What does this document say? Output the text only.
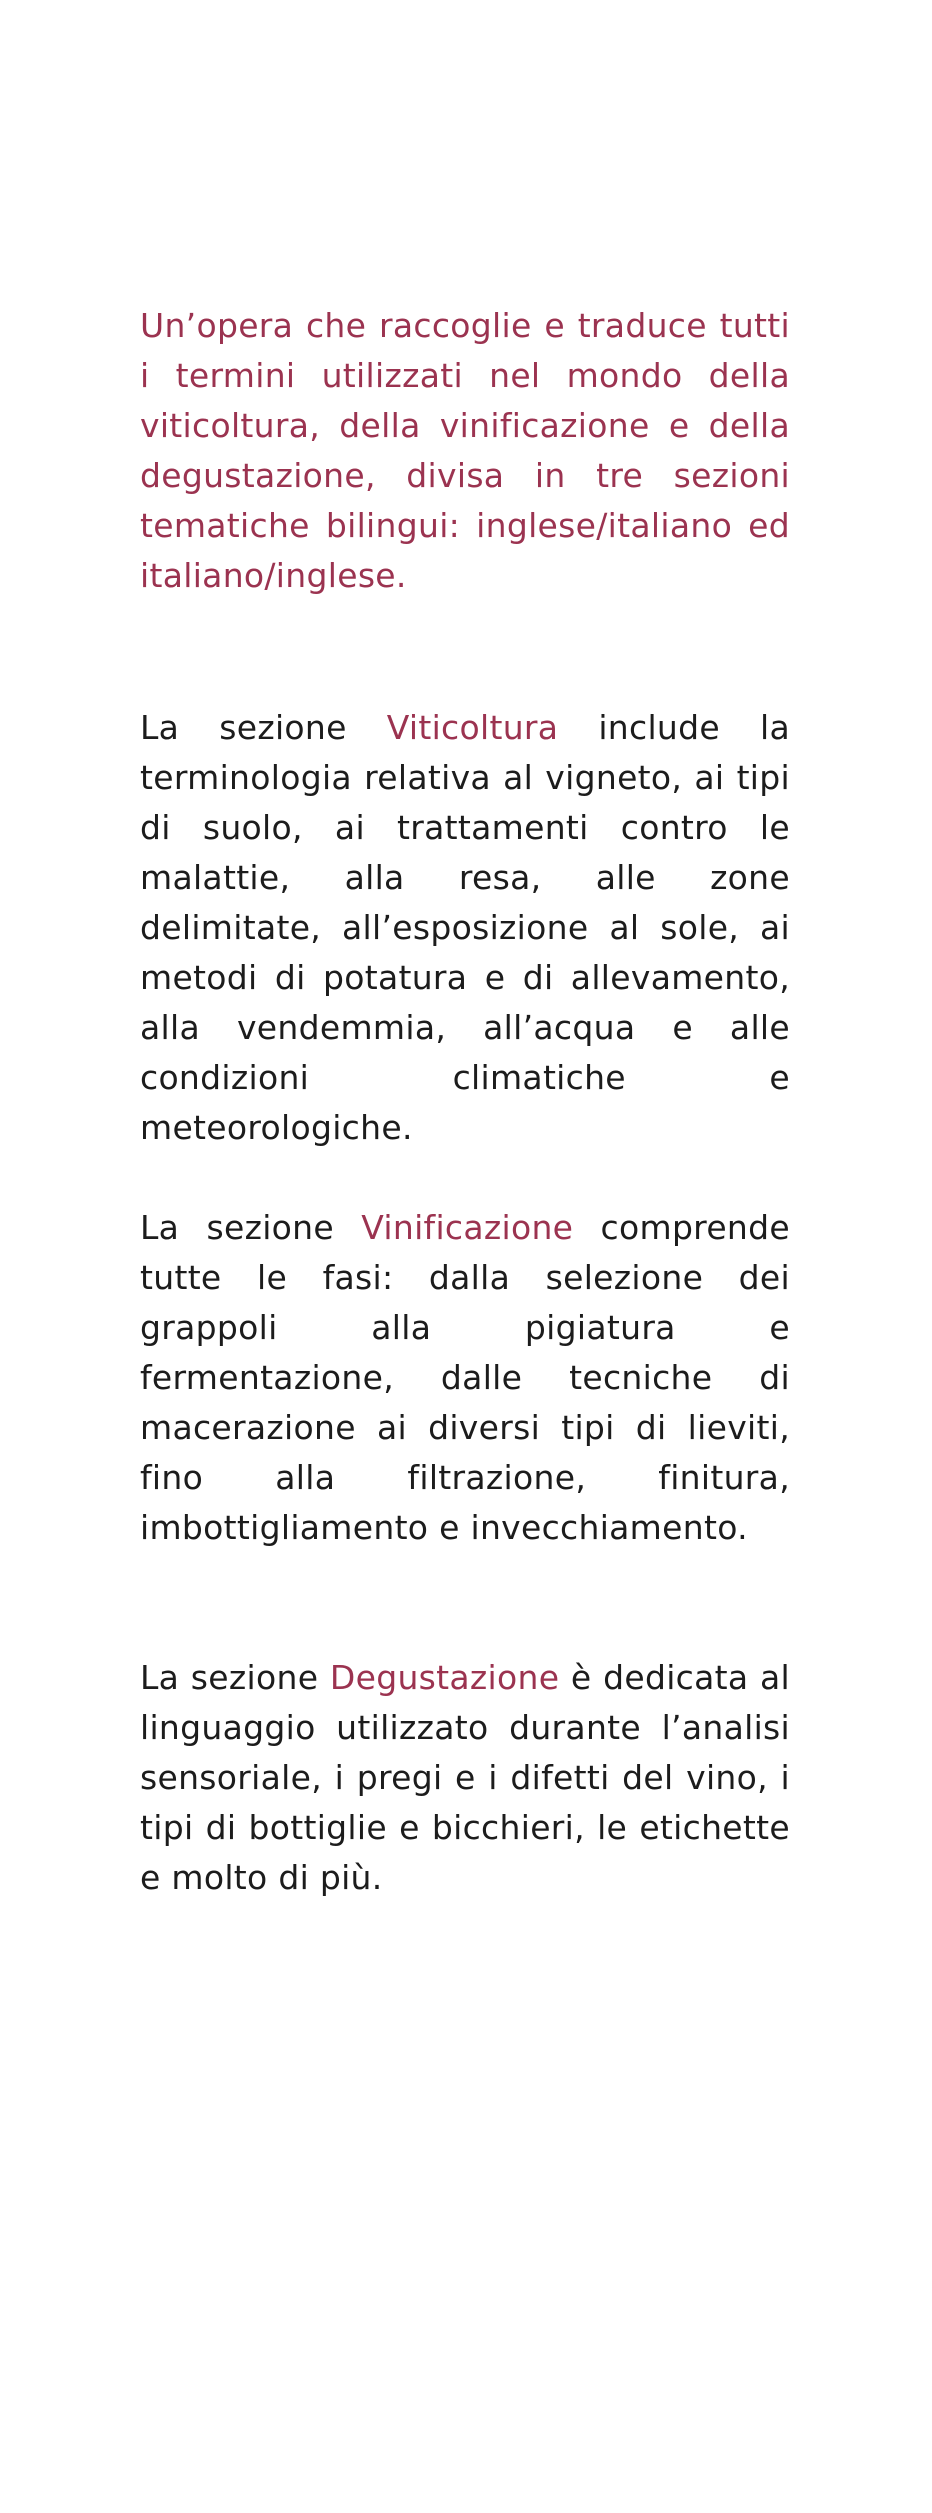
Un’opera che raccoglie e traduce tutti i termini utilizzati nel mondo della viticoltura, della vinificazione e della degustazione, divisa in tre sezioni tematiche bilingui: inglese/italiano ed italiano/inglese.

La sezione Viticoltura include la terminologia relativa al vigneto, ai tipi di suolo, ai trattamenti contro le malattie, alla resa, alle zone delimitate, all’esposizione al sole, ai metodi di potatura e di allevamento, alla vendemmia, all’acqua e alle condizioni climatiche e meteorologiche.

La sezione Vinificazione comprende tutte le fasi: dalla selezione dei grappoli alla pigiatura e fermentazione, dalle tecniche di macerazione ai diversi tipi di lieviti, fino alla filtrazione, finitura, imbottigliamento e invecchiamento.

La sezione Degustazione è dedicata al linguaggio utilizzato durante l’analisi sensoriale, i pregi e i difetti del vino, i tipi di bottiglie e bicchieri, le etichette e molto di più.
